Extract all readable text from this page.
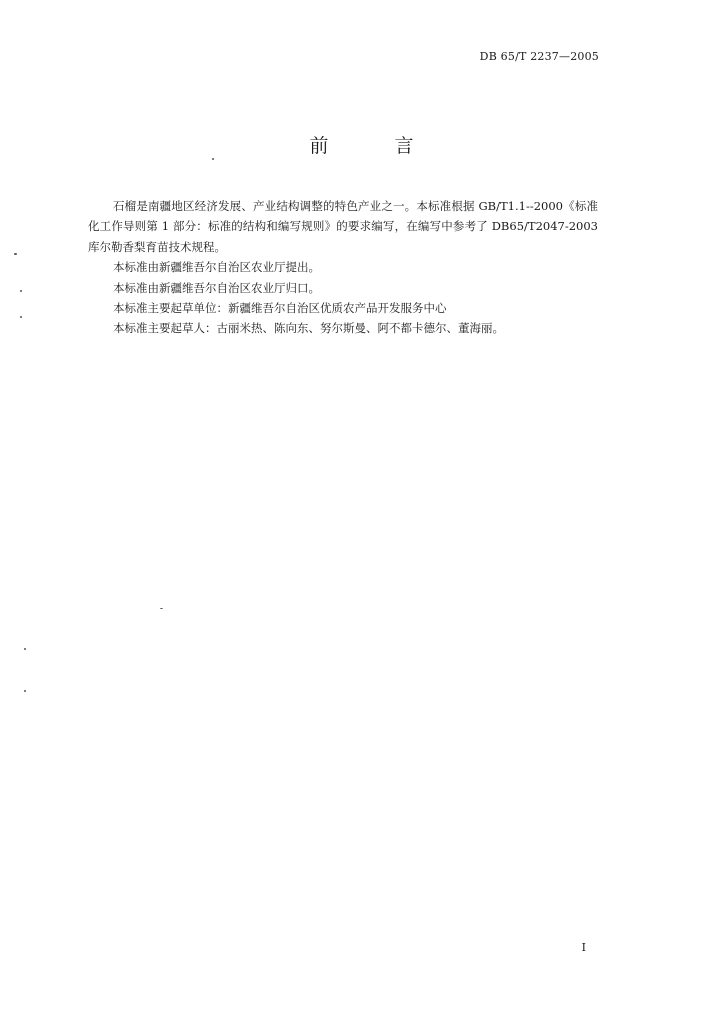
DB 65/T 2237—2005
前 言

石榴是南疆地区经济发展、产业结构调整的特色产业之一。本标准根据 GB/T1.1--2000《标准化工作导则第 1 部分：标准的结构和编写规则》的要求编写，在编写中参考了 DB65/T2047-2003 库尔勒香梨育苗技术规程。

本标准由新疆维吾尔自治区农业厅提出。

本标准由新疆维吾尔自治区农业厅归口。

本标准主要起草单位：新疆维吾尔自治区优质农产品开发服务中心

本标准主要起草人：古丽米热、陈向东、努尔斯曼、阿不都卡德尔、董海丽。

I
